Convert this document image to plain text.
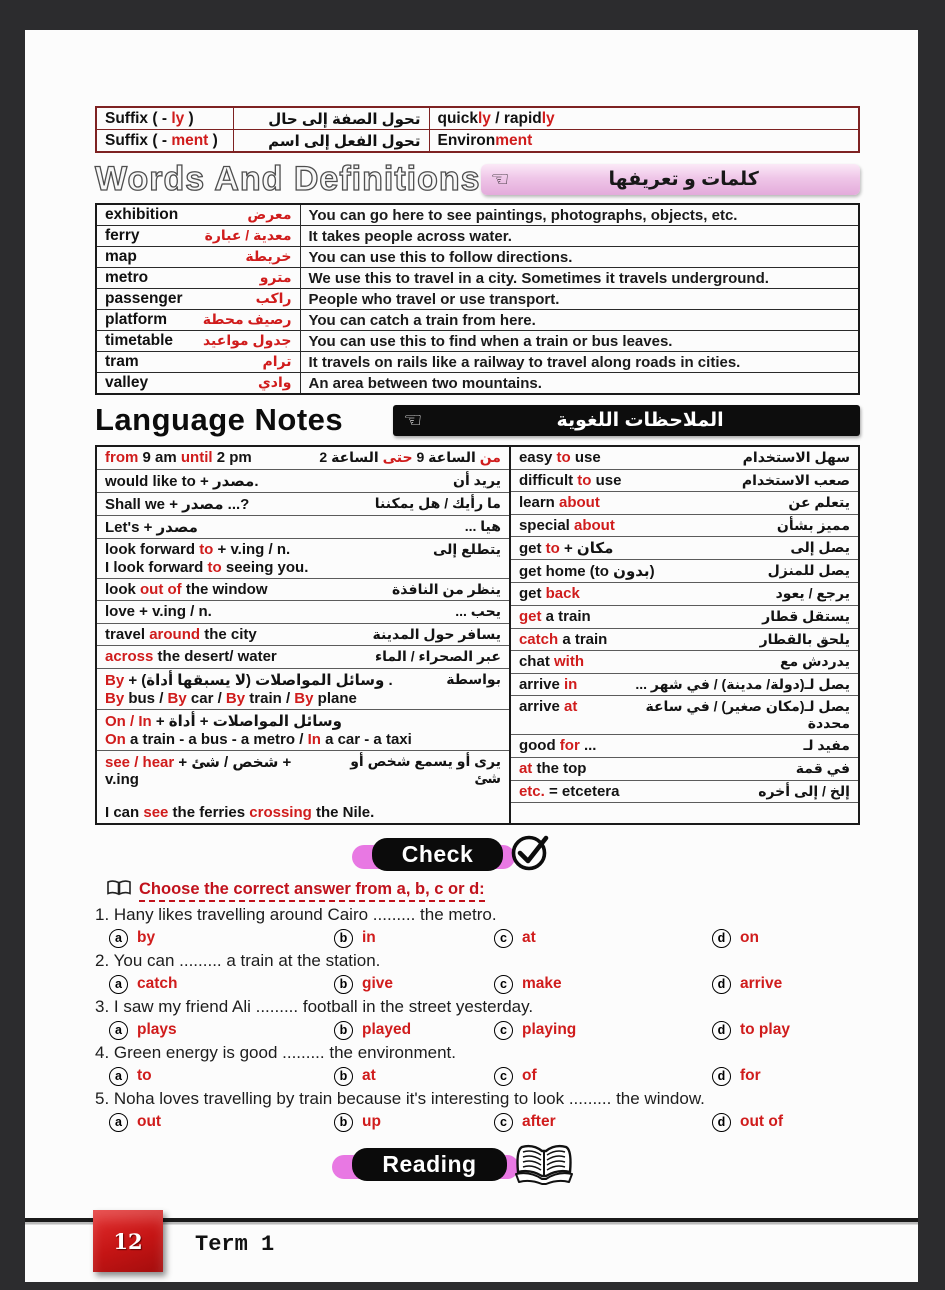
Suffix ( - ly )	تحول الصفة إلى حال	quickly / rapidly
Suffix ( - ment )	تحول الفعل إلى اسم	Environment
Words And Definitions ☜	كلمات و تعريفها
exhibition معرض	You can go here to see paintings, photographs, objects, etc.

ferry معدية / عبارة	It takes people across water.

map خريطة	You can use this to follow directions.

metro مترو	We use this to travel in a city. Sometimes it travels underground.

passenger راكب	People who travel or use transport.

platform رصيف محطة	You can catch a train from here.

timetable جدول مواعيد	You can use this to find when a train or bus leaves.

tram ترام	It travels on rails like a railway to travel along roads in cities.

valley وادي	An area between two mountains.
Language Notes	☜	الملاحظات اللغوية
from 9 am until 2 pm	من الساعة 9 حتى الساعة 2
would like to + مصدر.	يريد أن
Shall we + مصدر ...?	ما رأيك / هل يمكننا
Let's + مصدر	هيا ...
look forward to + v.ing / n.	يتطلع إلى
I look forward to seeing you.
look out of the window	ينظر من النافذة
love + v.ing / n.	يحب ...
travel around the city	يسافر حول المدينة
across the desert/ water	عبر الصحراء / الماء
By + وسائل المواصلات (لا يسبقها أداة) .	بواسطة
By bus / By car / By train / By plane
On / In + وسائل المواصلات + أداة
On a train - a bus - a metro / In a car - a taxi
see / hear + شخص / شئ + v.ing
يرى أو يسمع شخص أو شئ
I can see the ferries crossing the Nile.
easy to use	سهل الاستخدام
difficult to use	صعب الاستخدام
learn about	يتعلم عن
special about	مميز بشأن
get to + مكان	يصل إلى
get home (to بدون)	يصل للمنزل
get back	يرجع / يعود
get a train	يستقل قطار
catch a train	يلحق بالقطار
chat with	يدردش مع
arrive in	يصل لـ(دولة/ مدينة) / في شهر ...
arrive at	يصل لـ(مكان صغير) / في ساعة محددة
good for ...	مفيد لـ
at the top	في قمة
etc. = etcetera	إلخ / إلى أخره
Check
Choose the correct answer from a, b, c or d:
1. Hany likes travelling around Cairo ......... the metro.
a by	b in	c at	d on
2. You can ......... a train at the station.
a catch	b give	c make	d arrive
3. I saw my friend Ali ......... football in the street yesterday.
a plays	b played	c playing	d to play
4. Green energy is good ......... the environment.
a to	b at	c of	d for
5. Noha loves travelling by train because it's interesting to look ......... the window.
a out	b up	c after	d out of
Reading
12 Term 1
